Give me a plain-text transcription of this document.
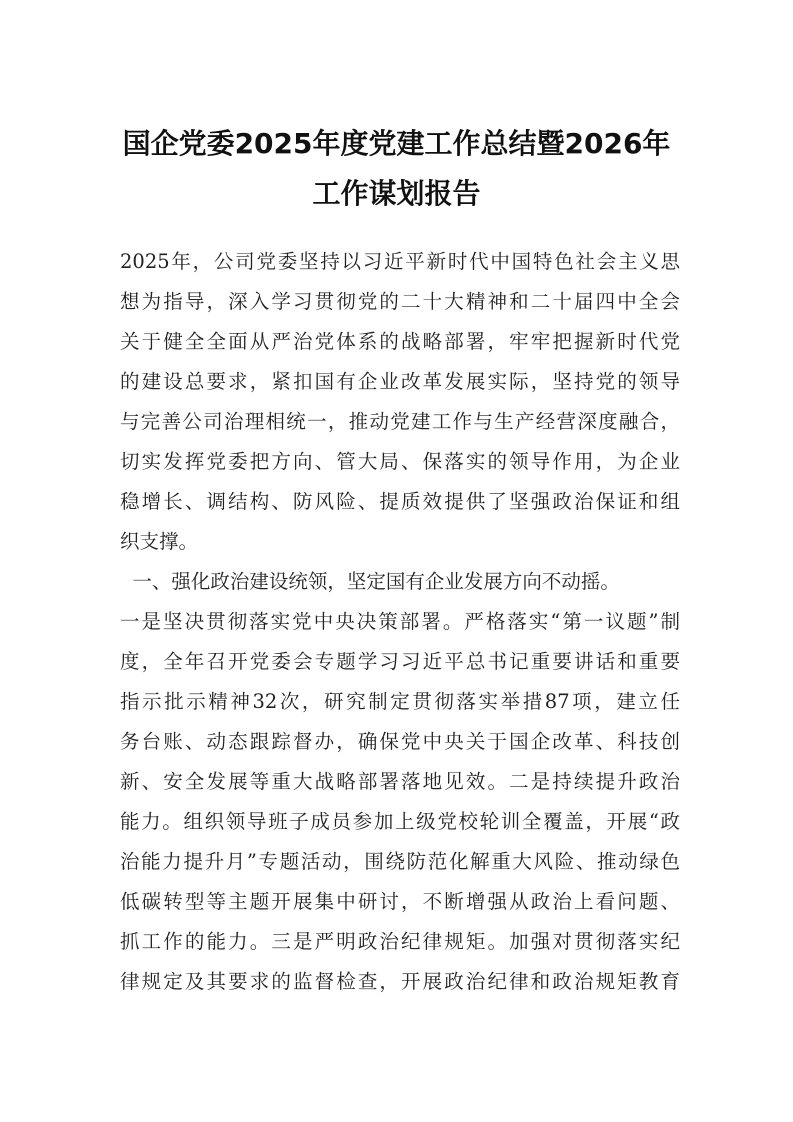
国企党委2025年度党建工作总结暨2026年
工作谋划报告
2025年，公司党委坚持以习近平新时代中国特色社会主义思
想为指导，深入学习贯彻党的二十大精神和二十届四中全会
关于健全全面从严治党体系的战略部署，牢牢把握新时代党
的建设总要求，紧扣国有企业改革发展实际，坚持党的领导
与完善公司治理相统一，推动党建工作与生产经营深度融合，
切实发挥党委把方向、管大局、保落实的领导作用，为企业
稳增长、调结构、防风险、提质效提供了坚强政治保证和组
织支撑。
一、强化政治建设统领，坚定国有企业发展方向不动摇。
一是坚决贯彻落实党中央决策部署。严格落实“第一议题”制
度，全年召开党委会专题学习习近平总书记重要讲话和重要
指示批示精神32次，研究制定贯彻落实举措87项，建立任
务台账、动态跟踪督办，确保党中央关于国企改革、科技创
新、安全发展等重大战略部署落地见效。二是持续提升政治
能力。组织领导班子成员参加上级党校轮训全覆盖，开展“政
治能力提升月”专题活动，围绕防范化解重大风险、推动绿色
低碳转型等主题开展集中研讨，不断增强从政治上看问题、
抓工作的能力。三是严明政治纪律规矩。加强对贯彻落实纪
律规定及其要求的监督检查，开展政治纪律和政治规矩教育
